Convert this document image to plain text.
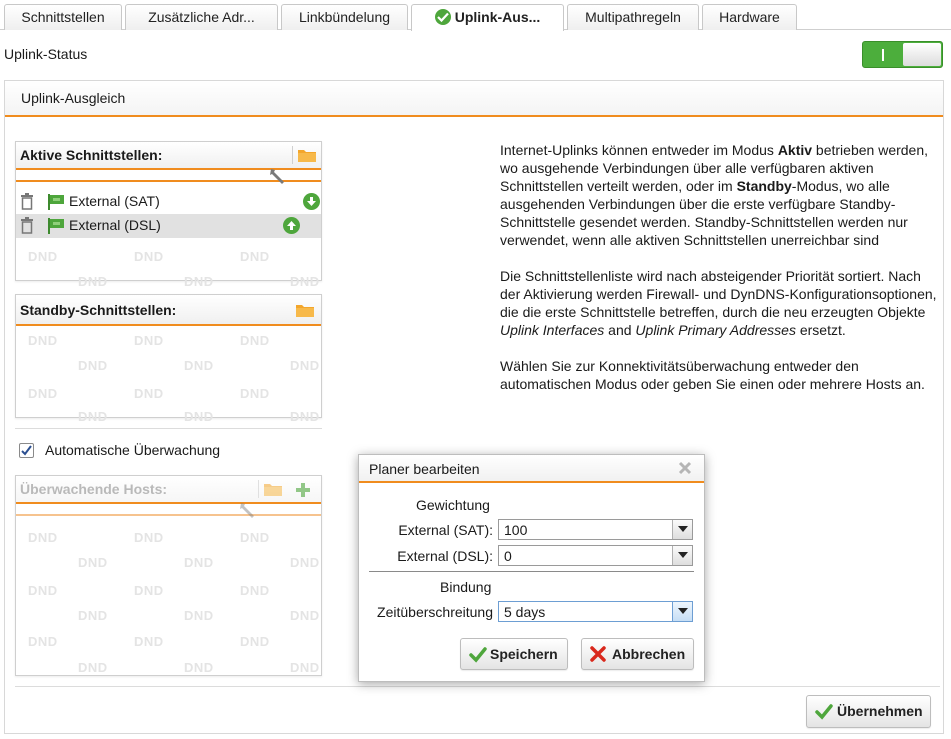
Schnittstellen	Zusätzliche Adr...	Linkbündelung	Uplink-Aus...	Multipathregeln	Hardware
Uplink-Status
Uplink-Ausgleich
Aktive Schnittstellen:
External (SAT)
External (DSL)
DND	DND	DND
DND	DND	DND
Standby-Schnittstellen:
DND	DND	DND
DND	DND	DND
DND	DND	DND
DND	DND	DND
Automatische Überwachung
Überwachende Hosts:
DND	DND	DND
DND	DND	DND
DND	DND	DND
DND	DND	DND
DND	DND	DND
DND	DND	DND

Internet-Uplinks können entweder im Modus Aktiv betrieben werden, wo ausgehende Verbindungen über alle verfügbaren aktiven Schnittstellen verteilt werden, oder im Standby-Modus, wo alle ausgehenden Verbindungen über die erste verfügbare Standby-Schnittstelle gesendet werden. Standby-Schnittstellen werden nur verwendet, wenn alle aktiven Schnittstellen unerreichbar sind

Die Schnittstellenliste wird nach absteigender Priorität sortiert. Nach der Aktivierung werden Firewall- und DynDNS-Konfigurationsoptionen, die die erste Schnittstelle betreffen, durch die neu erzeugten Objekte Uplink Interfaces and Uplink Primary Addresses ersetzt.

Wählen Sie zur Konnektivitätsüberwachung entweder den automatischen Modus oder geben Sie einen oder mehrere Hosts an.

Übernehmen
Planer bearbeiten
Gewichtung
External (SAT): 100
External (DSL): 0
Bindung
Zeitüberschreitung 5 days
Speichern	Abbrechen
